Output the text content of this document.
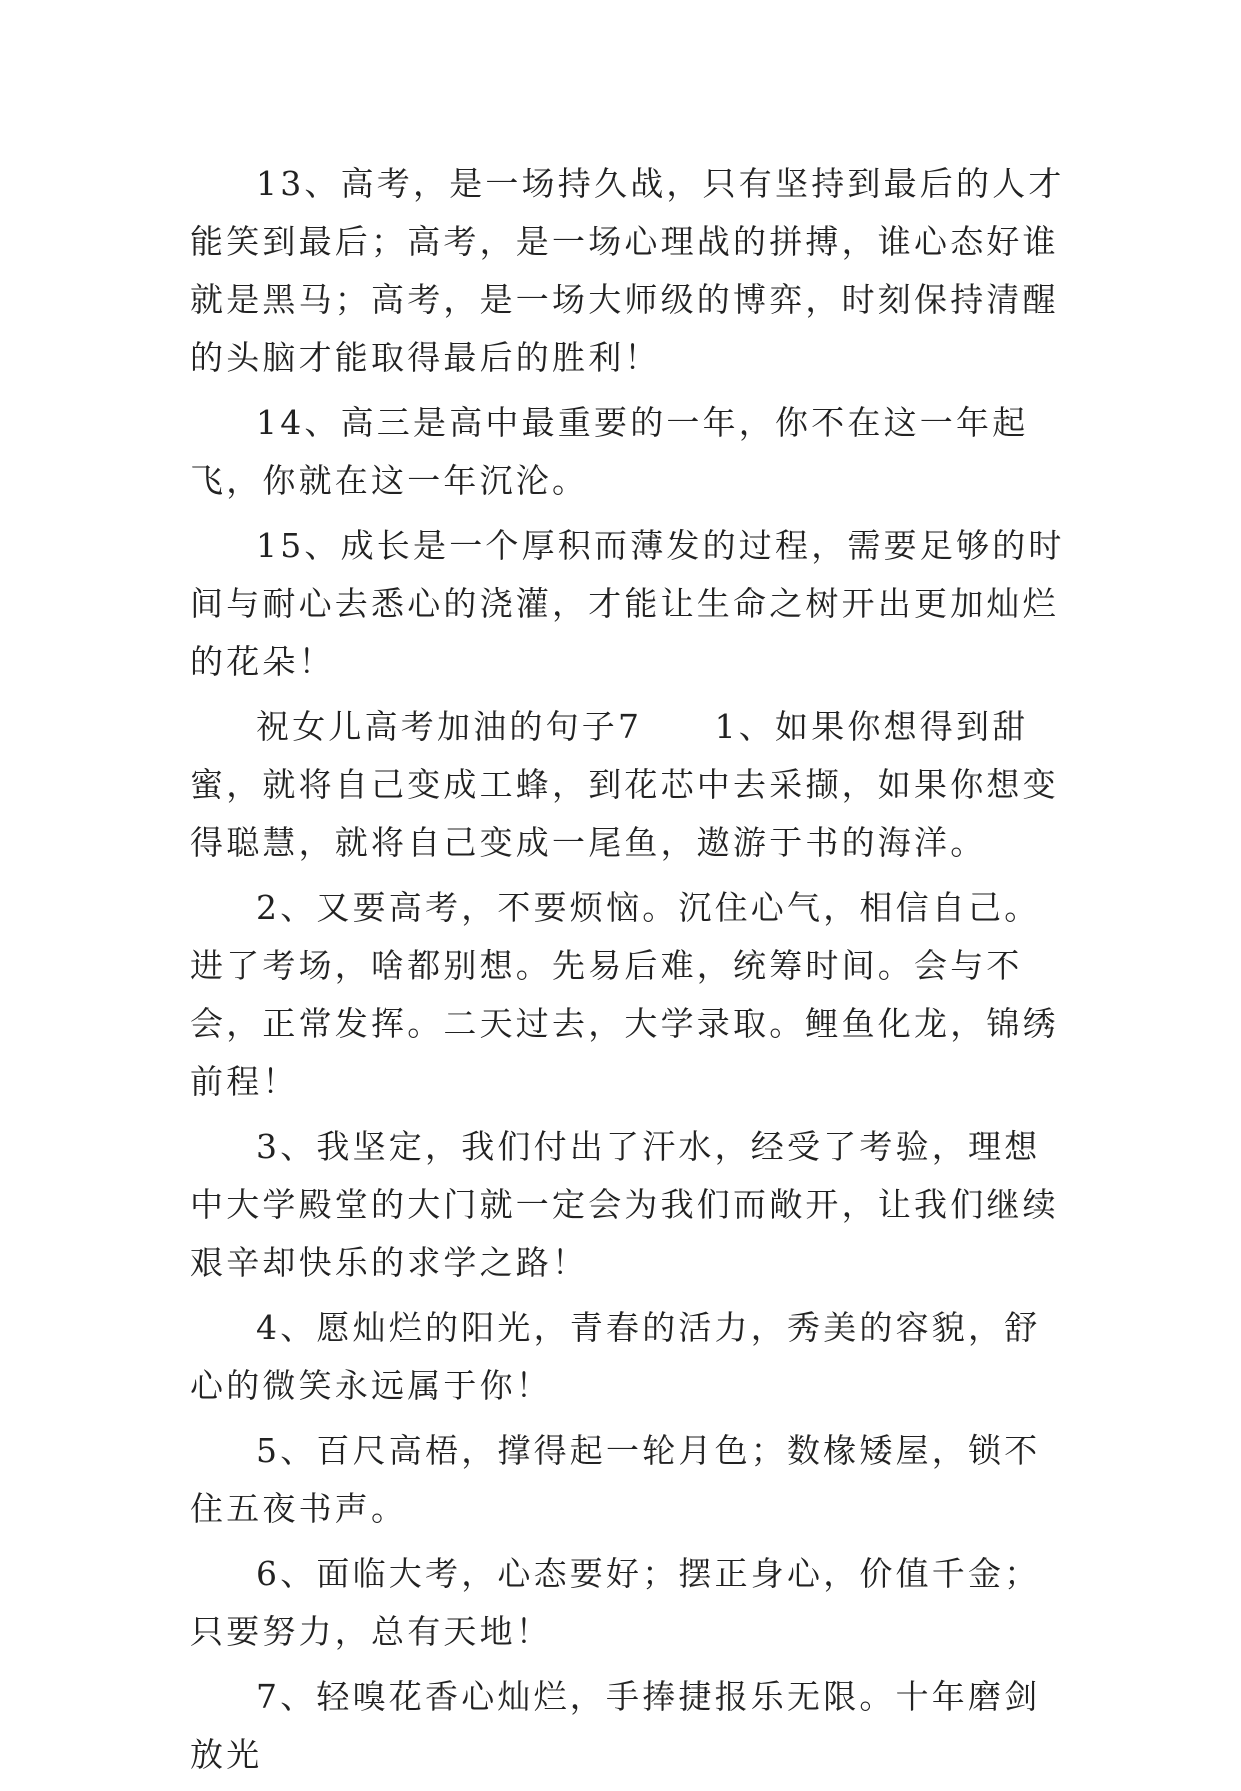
13、高考，是一场持久战，只有坚持到最后的人才能笑到最后；高考，是一场心理战的拼搏，谁心态好谁就是黑马；高考，是一场大师级的博弈，时刻保持清醒的头脑才能取得最后的胜利！

14、高三是高中最重要的一年，你不在这一年起飞，你就在这一年沉沦。

15、成长是一个厚积而薄发的过程，需要足够的时间与耐心去悉心的浇灌，才能让生命之树开出更加灿烂的花朵！

祝女儿高考加油的句子7　　1、如果你想得到甜蜜，就将自己变成工蜂，到花芯中去采撷，如果你想变得聪慧，就将自己变成一尾鱼，遨游于书的海洋。

2、又要高考，不要烦恼。沉住心气，相信自己。进了考场，啥都别想。先易后难，统筹时间。会与不会，正常发挥。二天过去，大学录取。鲤鱼化龙，锦绣前程！

3、我坚定，我们付出了汗水，经受了考验，理想中大学殿堂的大门就一定会为我们而敞开，让我们继续艰辛却快乐的求学之路！

4、愿灿烂的阳光，青春的活力，秀美的容貌，舒心的微笑永远属于你！

5、百尺高梧，撑得起一轮月色；数椽矮屋，锁不住五夜书声。

6、面临大考，心态要好；摆正身心，价值千金；只要努力，总有天地！

7、轻嗅花香心灿烂，手捧捷报乐无限。十年磨剑放光
